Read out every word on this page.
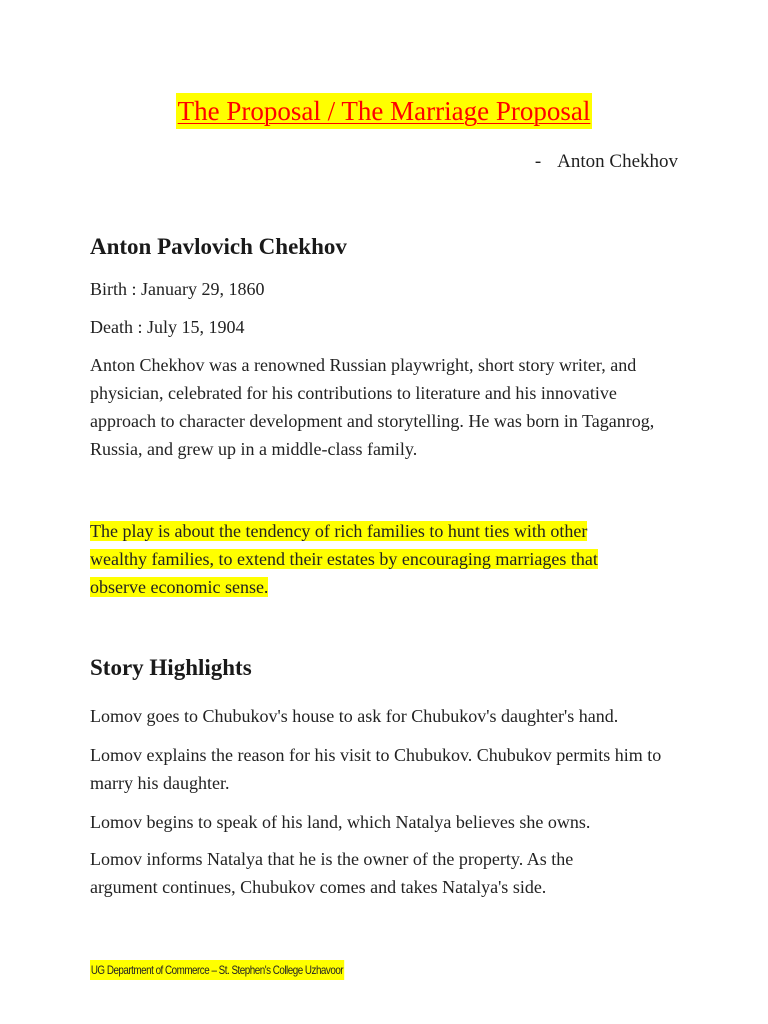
The Proposal / The Marriage Proposal
- Anton Chekhov
Anton Pavlovich Chekhov
Birth : January 29, 1860
Death : July 15, 1904
Anton Chekhov was a renowned Russian playwright, short story writer, and physician, celebrated for his contributions to literature and his innovative approach to character development and storytelling. He was born in Taganrog, Russia, and grew up in a middle-class family.
The play is about the tendency of rich families to hunt ties with other
wealthy families, to extend their estates by encouraging marriages that
observe economic sense.
Story Highlights
Lomov goes to Chubukov's house to ask for Chubukov's daughter's hand.
Lomov explains the reason for his visit to Chubukov. Chubukov permits him to marry his daughter.
Lomov begins to speak of his land, which Natalya believes she owns.
Lomov informs Natalya that he is the owner of the property. As the argument continues, Chubukov comes and takes Natalya's side.
UG Department of Commerce – St. Stephen's College Uzhavoor
